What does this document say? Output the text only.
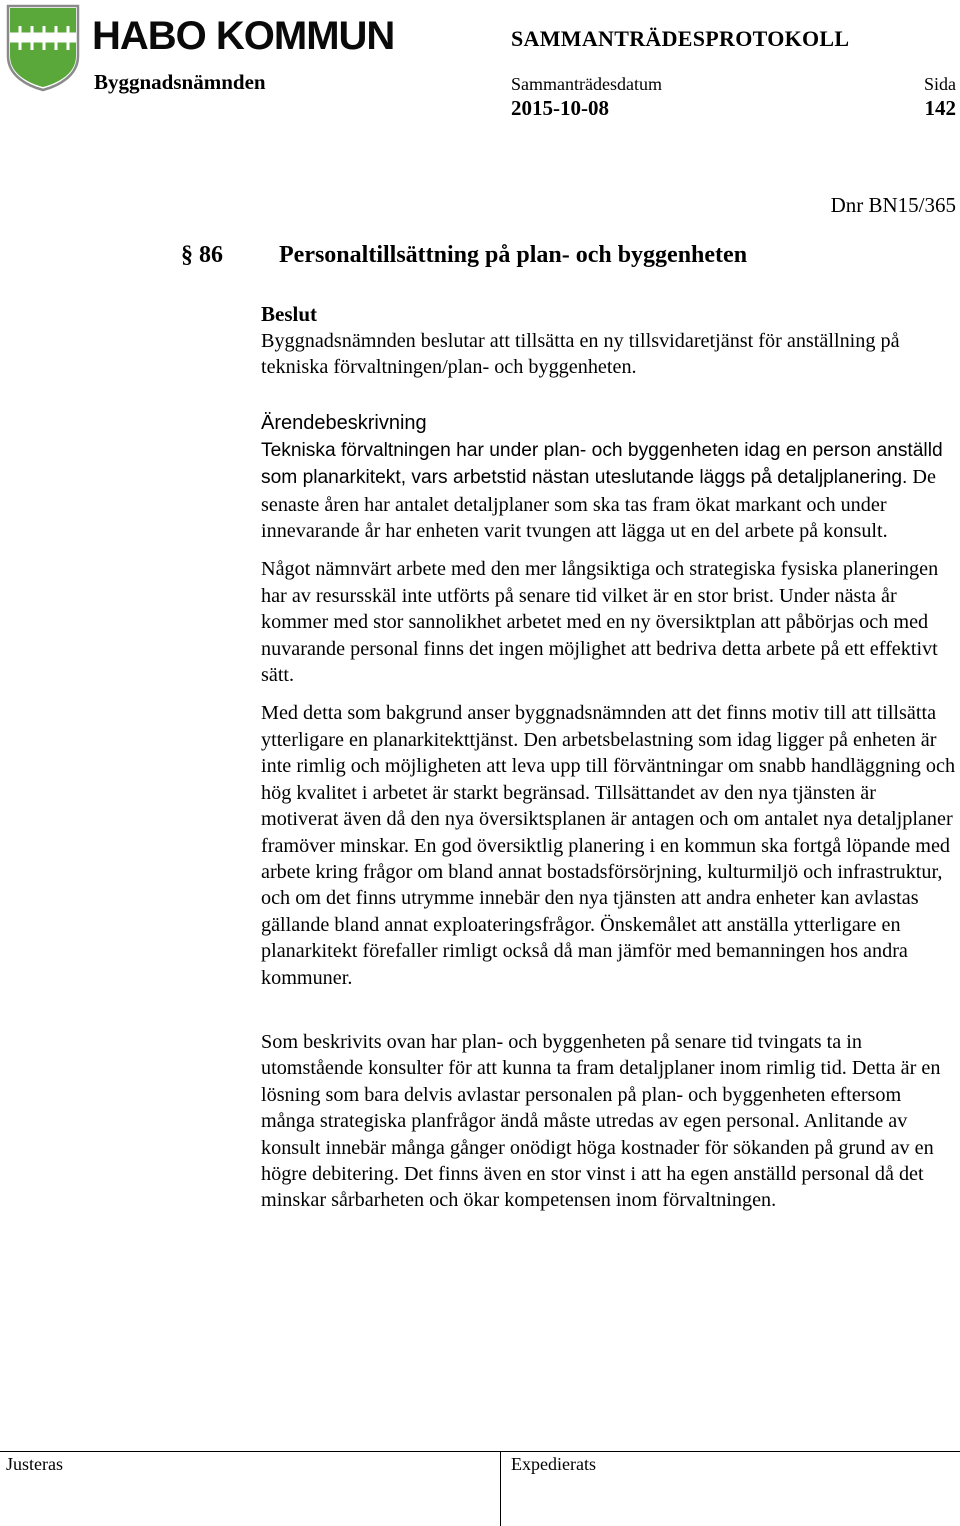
HABO KOMMUN
Byggnadsnämnden
SAMMANTRÄDESPROTOKOLL
Sammanträdesdatum
2015-10-08
Sida
142
Dnr BN15/365
§ 86 Personaltillsättning på plan- och byggenheten
Beslut

Byggnadsnämnden beslutar att tillsätta en ny tillsvidaretjänst för anställning på tekniska förvaltningen/plan- och byggenheten.

Ärendebeskrivning

Tekniska förvaltningen har under plan- och byggenheten idag en person anställd som planarkitekt, vars arbetstid nästan uteslutande läggs på detaljplanering. De senaste åren har antalet detaljplaner som ska tas fram ökat markant och under innevarande år har enheten varit tvungen att lägga ut en del arbete på konsult.

Något nämnvärt arbete med den mer långsiktiga och strategiska fysiska planeringen har av resursskäl inte utförts på senare tid vilket är en stor brist. Under nästa år kommer med stor sannolikhet arbetet med en ny översiktplan att påbörjas och med nuvarande personal finns det ingen möjlighet att bedriva detta arbete på ett effektivt sätt.

Med detta som bakgrund anser byggnadsnämnden att det finns motiv till att tillsätta ytterligare en planarkitekttjänst. Den arbetsbelastning som idag ligger på enheten är inte rimlig och möjligheten att leva upp till förväntningar om snabb handläggning och hög kvalitet i arbetet är starkt begränsad. Tillsättandet av den nya tjänsten är motiverat även då den nya översiktsplanen är antagen och om antalet nya detaljplaner framöver minskar. En god översiktlig planering i en kommun ska fortgå löpande med arbete kring frågor om bland annat bostadsförsörjning, kulturmiljö och infrastruktur, och om det finns utrymme innebär den nya tjänsten att andra enheter kan avlastas gällande bland annat exploateringsfrågor. Önskemålet att anställa ytterligare en planarkitekt förefaller rimligt också då man jämför med bemanningen hos andra kommuner.

Som beskrivits ovan har plan- och byggenheten på senare tid tvingats ta in utomstående konsulter för att kunna ta fram detaljplaner inom rimlig tid. Detta är en lösning som bara delvis avlastar personalen på plan- och byggenheten eftersom många strategiska planfrågor ändå måste utredas av egen personal. Anlitande av konsult innebär många gånger onödigt höga kostnader för sökanden på grund av en högre debitering. Det finns även en stor vinst i att ha egen anställd personal då det minskar sårbarheten och ökar kompetensen inom förvaltningen.

Justeras	Expedierats
